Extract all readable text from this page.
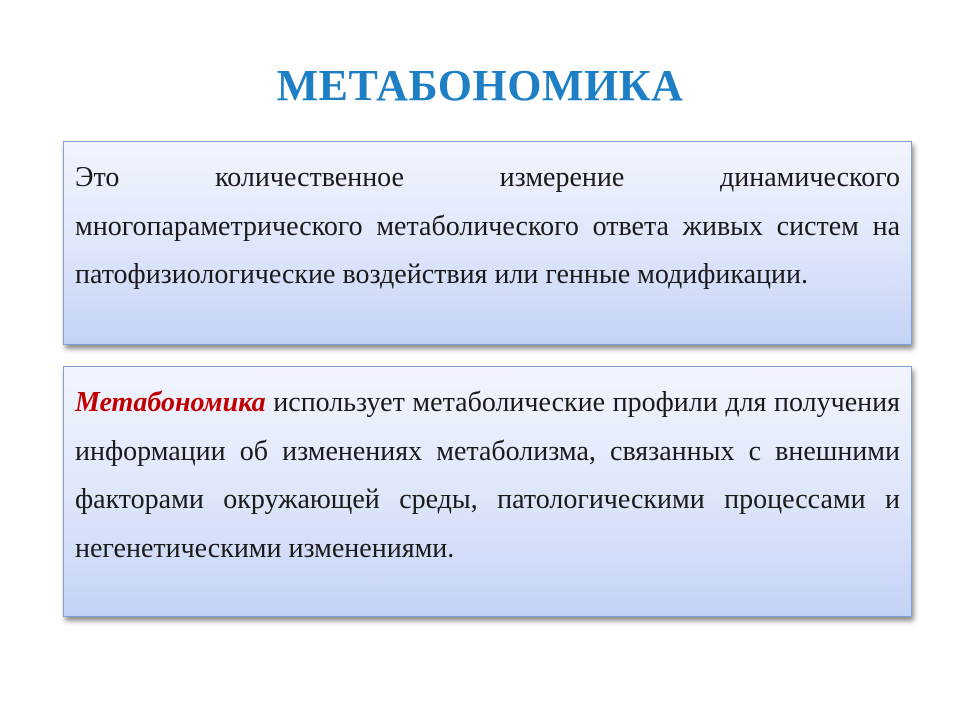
МЕТАБОНОМИКА

Это количественное измерение динамического многопараметрического метаболического ответа живых систем на патофизиологические воздействия или генные модификации.

Метабономика использует метаболические профили для получения информации об изменениях метаболизма, связанных с внешними факторами окружающей среды, патологическими процессами и негенетическими изменениями.
